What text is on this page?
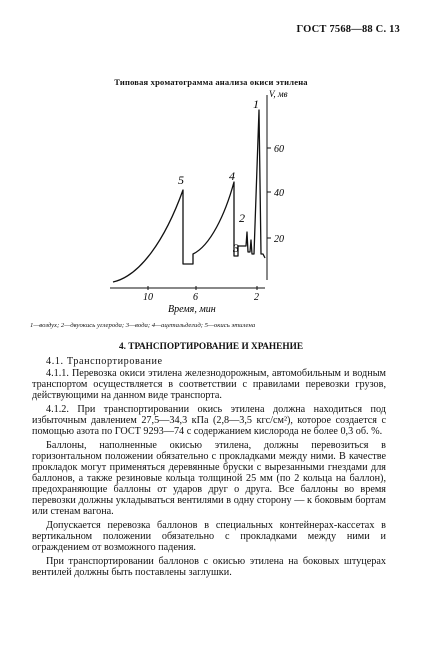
ГОСТ 7568—88 С. 13
Типовая хроматограмма анализа окиси этилена
V, мв
60
40
20
10	6	2
Время, мин
1
2
3
4
5
1—воздух; 2—двуокись углерода; 3—вода; 4—ацетальдегид; 5—окись этилена
4. ТРАНСПОРТИРОВАНИЕ И ХРАНЕНИЕ

4.1. Транспортирование

4.1.1. Перевозка окиси этилена железнодорожным, автомобильным и водным транспортом осуществляется в соответствии с правилами перевозки грузов, действующими на данном виде транспорта.

4.1.2. При транспортировании окись этилена должна находиться под избыточным давлением 27,5—34,3 кПа (2,8—3,5 кгс/см²), которое создается с помощью азота по ГОСТ 9293—74 с содержанием кислорода не более 0,3 об. %.

Баллоны, наполненные окисью этилена, должны перевозиться в горизонтальном положении обязательно с прокладками между ними. В качестве прокладок могут применяться деревянные бруски с вырезанными гнездами для баллонов, а также резиновые кольца толщиной 25 мм (по 2 кольца на баллон), предохраняющие баллоны от ударов друг о друга. Все баллоны во время перевозки должны укладываться вентилями в одну сторону — к боковым бортам или стенам вагона.

Допускается перевозка баллонов в специальных контейнерах-кассетах в вертикальном положении обязательно с прокладками между ними и ограждением от возможного падения.

При транспортировании баллонов с окисью этилена на боковых штуцерах вентилей должны быть поставлены заглушки.
